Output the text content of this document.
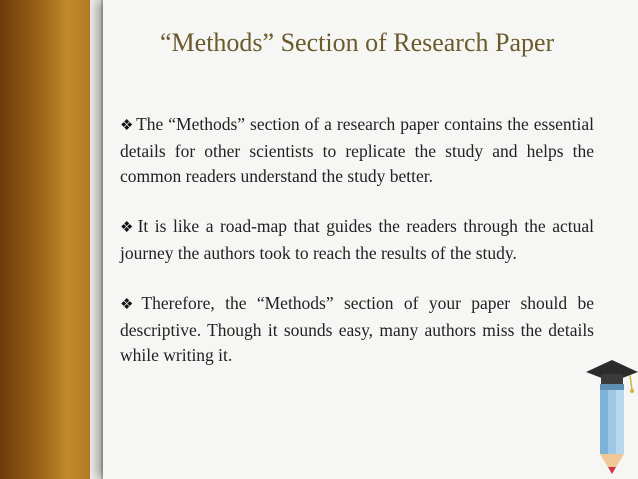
“Methods” Section of Research Paper

❖ The “Methods” section of a research paper contains the essential details for other scientists to replicate the study and helps the common readers understand the study better.

❖ It is like a road-map that guides the readers through the actual journey the authors took to reach the results of the study.

❖ Therefore, the “Methods” section of your paper should be descriptive. Though it sounds easy, many authors miss the details while writing it.
